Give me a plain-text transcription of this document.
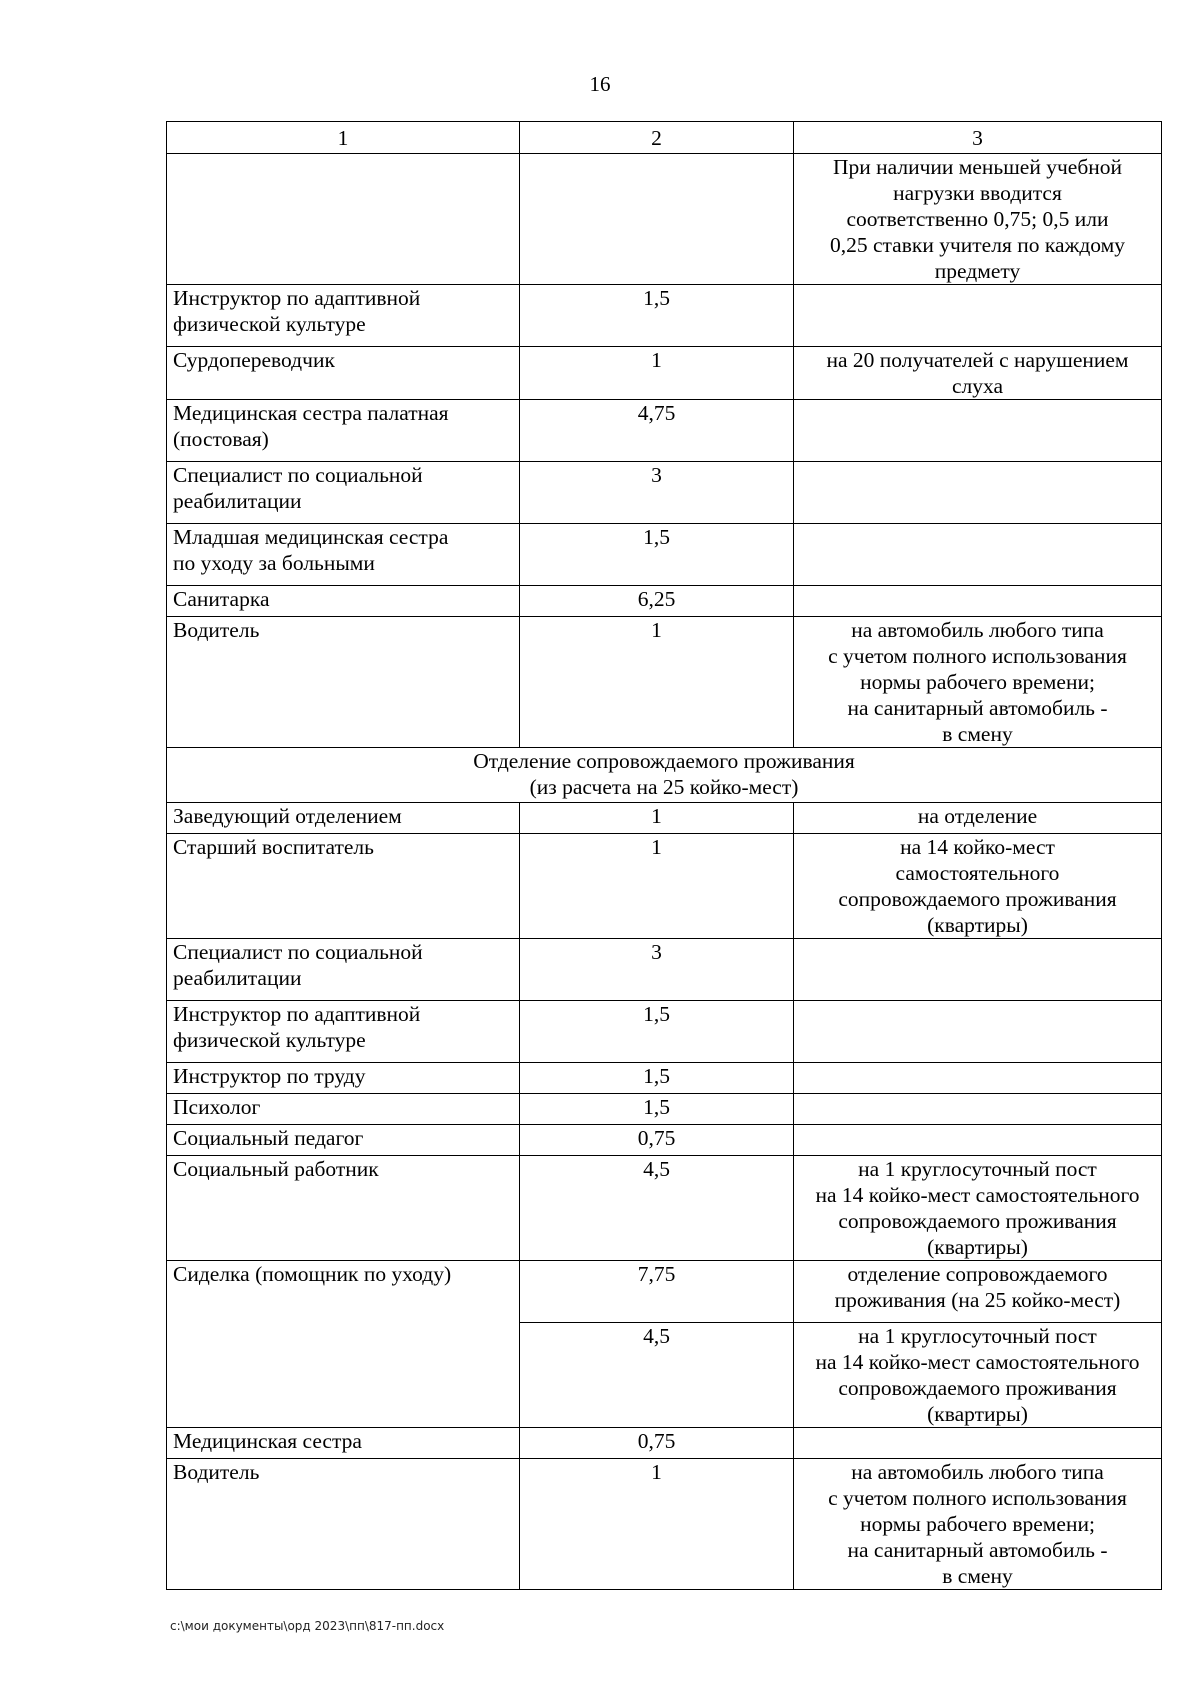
16
1	2	3

		При наличии меньшей учебной
нагрузки вводится
соответственно 0,75; 0,5 или
0,25 ставки учителя по каждому
предмету

Инструктор по адаптивной
физической культуре	1,5	

Сурдопереводчик	1	на 20 получателей с нарушением
слуха

Медицинская сестра палатная
(постовая)	4,75	

Специалист по социальной
реабилитации	3	

Младшая медицинская сестра
по уходу за больными	1,5	

Санитарка	6,25	

Водитель	1	на автомобиль любого типа
с учетом полного использования
нормы рабочего времени;
на санитарный автомобиль -
в смену

Отделение сопровождаемого проживания
(из расчета на 25 койко-мест)		

Заведующий отделением	1	на отделение

Старший воспитатель	1	на 14 койко-мест
самостоятельного
сопровождаемого проживания
(квартиры)

Специалист по социальной
реабилитации	3	

Инструктор по адаптивной
физической культуре	1,5	

Инструктор по труду	1,5	

Психолог	1,5	

Социальный педагог	0,75	

Социальный работник	4,5	на 1 круглосуточный пост
на 14 койко-мест самостоятельного
сопровождаемого проживания
(квартиры)

Сиделка (помощник по уходу)	7,75	отделение сопровождаемого
проживания (на 25 койко-мест)

	4,5	на 1 круглосуточный пост
на 14 койко-мест самостоятельного
сопровождаемого проживания
(квартиры)

Медицинская сестра	0,75	

Водитель	1	на автомобиль любого типа
с учетом полного использования
нормы рабочего времени;
на санитарный автомобиль -
в смену
c:\мои документы\орд 2023\пп\817-пп.docx
